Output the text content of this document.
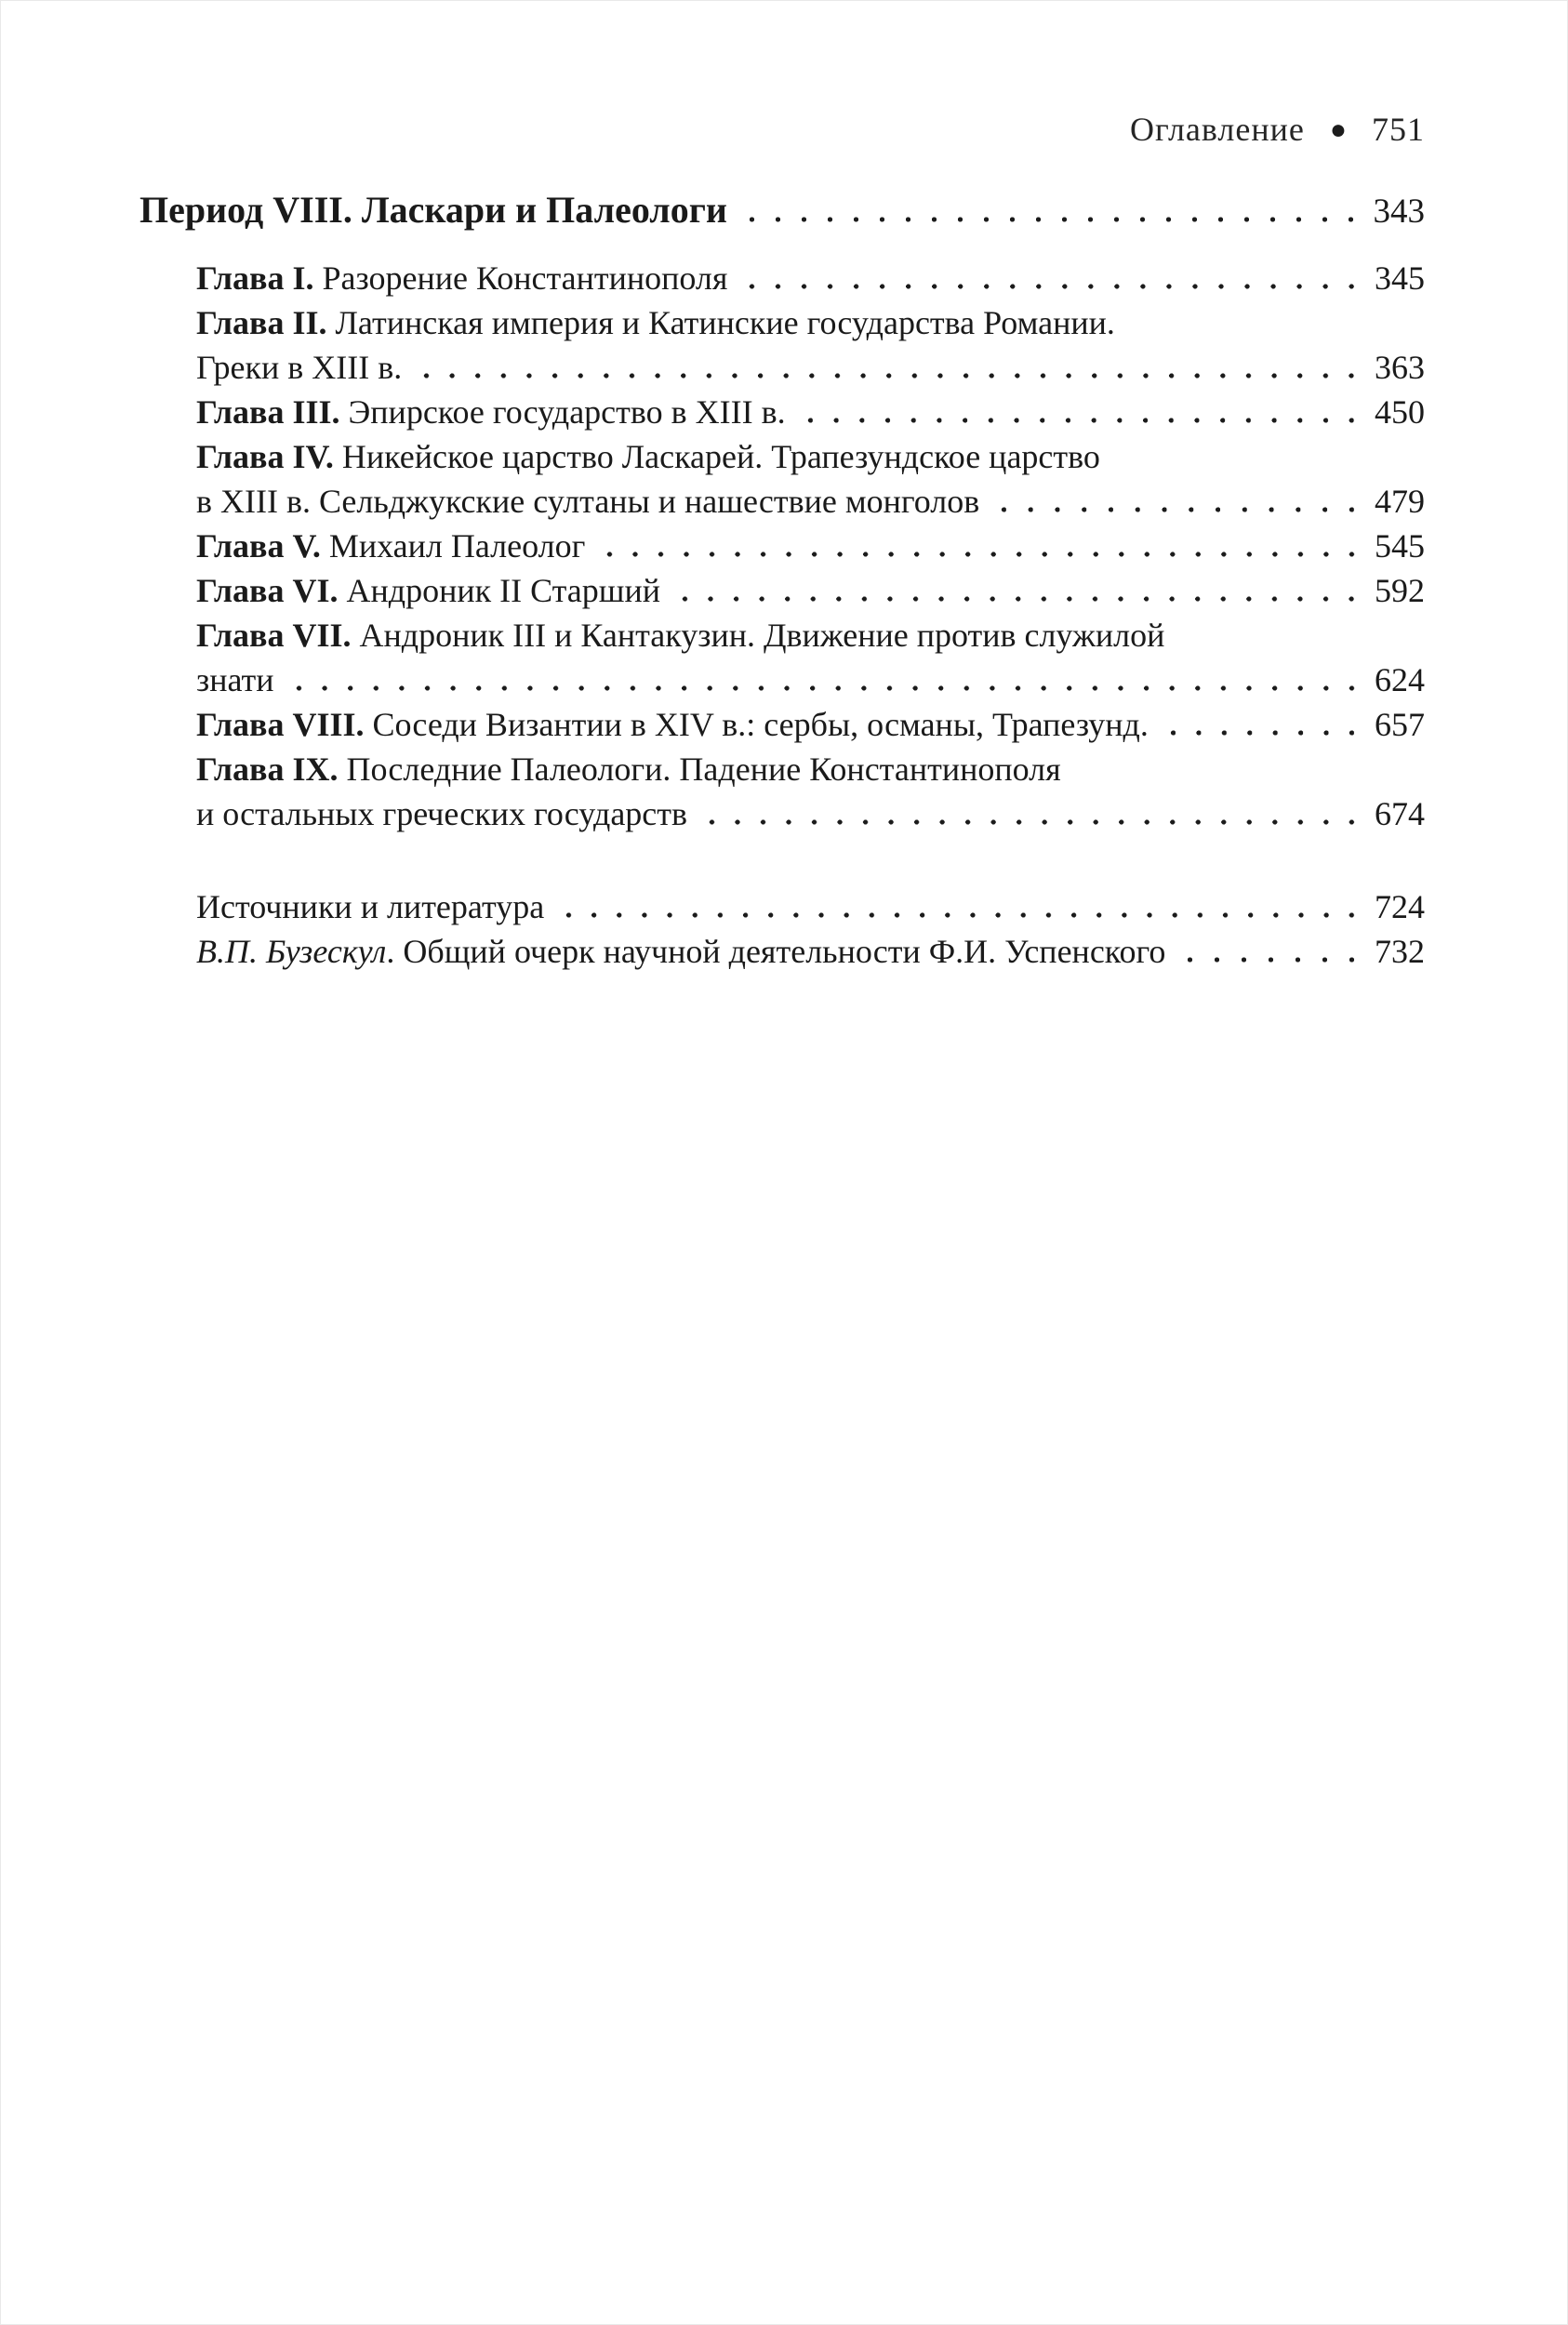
Оглавление ● 751
Период VIII. Ласкари и Палеологи	343
Глава I. Разорение Константинополя	345
Глава II. Латинская империя и Катинские государства Романии.
Греки в XIII в.	363
Глава III. Эпирское государство в XIII в.	450
Глава IV. Никейское царство Ласкарей. Трапезундское царство
в XIII в. Сельджукские султаны и нашествие монголов	479
Глава V. Михаил Палеолог	545
Глава VI. Андроник II Старший	592
Глава VII. Андроник III и Кантакузин. Движение против служилой
знати	624
Глава VIII. Соседи Византии в XIV в.: сербы, османы, Трапезунд.	657
Глава IX. Последние Палеологи. Падение Константинополя
и остальных греческих государств	674
Источники и литература	724
В.П. Бузескул. Общий очерк научной деятельности Ф.И. Успенского	732
